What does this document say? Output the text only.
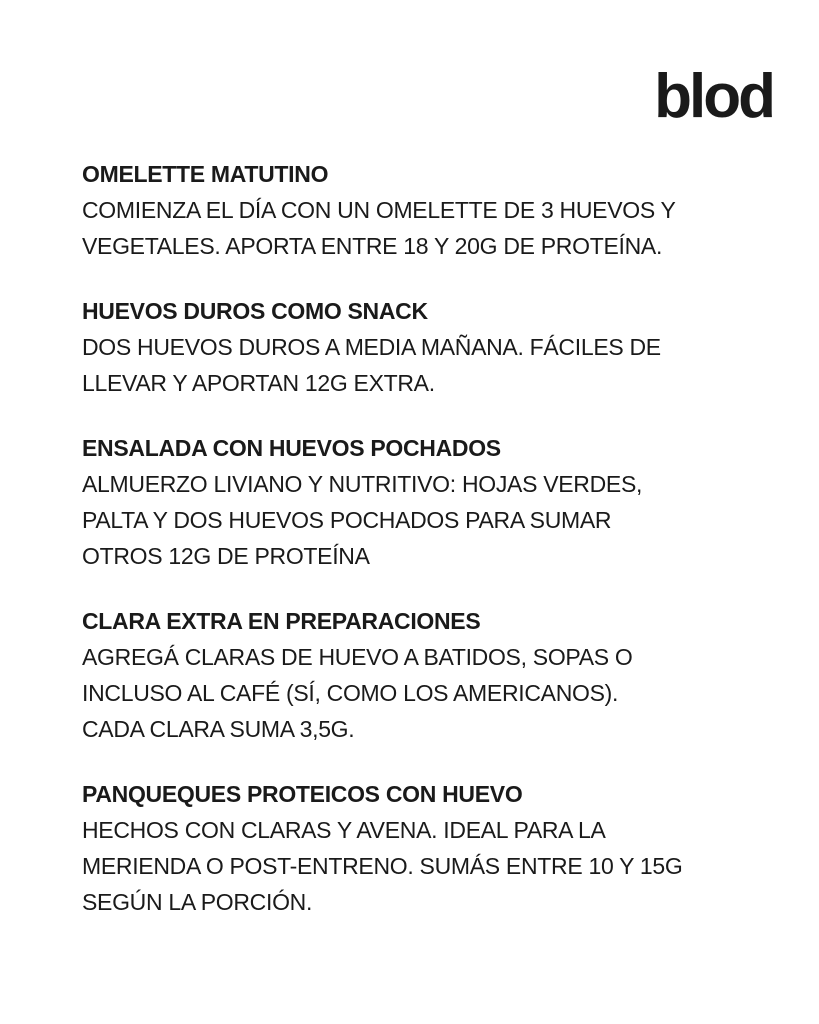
blod

OMELETTE MATUTINO

COMIENZA EL DÍA CON UN OMELETTE DE 3 HUEVOS Y
VEGETALES. APORTA ENTRE 18 Y 20G DE PROTEÍNA.

HUEVOS DUROS COMO SNACK

DOS HUEVOS DUROS A MEDIA MAÑANA. FÁCILES DE
LLEVAR Y APORTAN 12G EXTRA.

ENSALADA CON HUEVOS POCHADOS

ALMUERZO LIVIANO Y NUTRITIVO: HOJAS VERDES,
PALTA Y DOS HUEVOS POCHADOS PARA SUMAR
OTROS 12G DE PROTEÍNA

CLARA EXTRA EN PREPARACIONES

AGREGÁ CLARAS DE HUEVO A BATIDOS, SOPAS O
INCLUSO AL CAFÉ (SÍ, COMO LOS AMERICANOS).
CADA CLARA SUMA 3,5G.

PANQUEQUES PROTEICOS CON HUEVO

HECHOS CON CLARAS Y AVENA. IDEAL PARA LA
MERIENDA O POST-ENTRENO. SUMÁS ENTRE 10 Y 15G
SEGÚN LA PORCIÓN.
